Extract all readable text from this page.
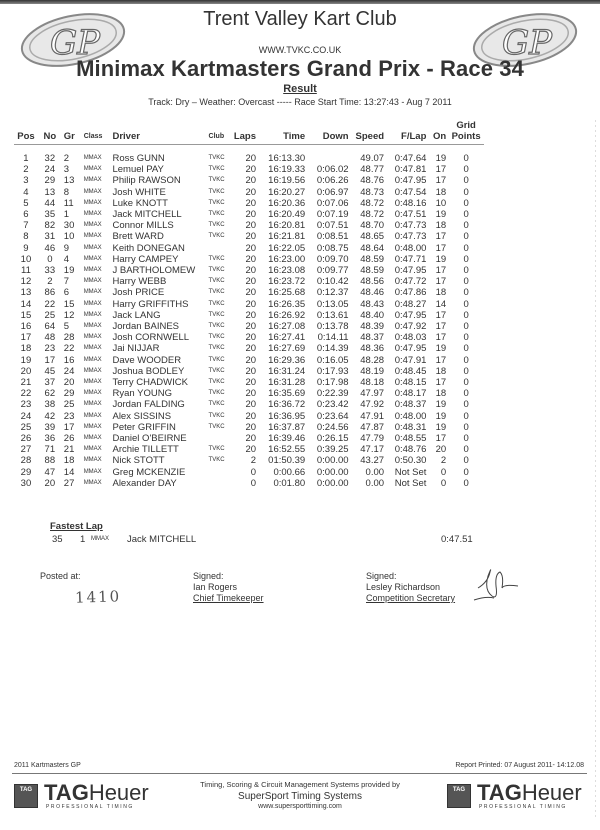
GP	GP
Trent Valley Kart Club
WWW.TVKC.CO.UK
Minimax Kartmasters Grand Prix - Race 34
Result
Track: Dry – Weather: Overcast ----- Race Start Time: 13:27:43 - Aug 7 2011
Pos	No	Gr	Class	Driver	Club	Laps	Time	Down	Speed	F/Lap	On	Grid
Points

1	32	2	MMAX	Ross GUNN	TVKC	20	16:13.30		49.07	0:47.64	19	0
2	24	3	MMAX	Lemuel PAY	TVKC	20	16:19.33	0:06.02	48.77	0:47.81	17	0
3	29	13	MMAX	Philip RAWSON	TVKC	20	16:19.56	0:06.26	48.76	0:47.95	17	0
4	13	8	MMAX	Josh WHITE	TVKC	20	16:20.27	0:06.97	48.73	0:47.54	18	0
5	44	11	MMAX	Luke KNOTT	TVKC	20	16:20.36	0:07.06	48.72	0:48.16	10	0
6	35	1	MMAX	Jack MITCHELL	TVKC	20	16:20.49	0:07.19	48.72	0:47.51	19	0
7	82	30	MMAX	Connor MILLS	TVKC	20	16:20.81	0:07.51	48.70	0:47.73	18	0
8	31	10	MMAX	Brett WARD	TVKC	20	16:21.81	0:08.51	48.65	0:47.73	17	0
9	46	9	MMAX	Keith DONEGAN		20	16:22.05	0:08.75	48.64	0:48.00	17	0
10	0	4	MMAX	Harry CAMPEY	TVKC	20	16:23.00	0:09.70	48.59	0:47.71	19	0
11	33	19	MMAX	J BARTHOLOMEW	TVKC	20	16:23.08	0:09.77	48.59	0:47.95	17	0
12	2	7	MMAX	Harry WEBB	TVKC	20	16:23.72	0:10.42	48.56	0:47.72	17	0
13	86	6	MMAX	Josh PRICE	TVKC	20	16:25.68	0:12.37	48.46	0:47.86	18	0
14	22	15	MMAX	Harry GRIFFITHS	TVKC	20	16:26.35	0:13.05	48.43	0:48.27	14	0
15	25	12	MMAX	Jack LANG	TVKC	20	16:26.92	0:13.61	48.40	0:47.95	17	0
16	64	5	MMAX	Jordan BAINES	TVKC	20	16:27.08	0:13.78	48.39	0:47.92	17	0
17	48	28	MMAX	Josh CORNWELL	TVKC	20	16:27.41	0:14.11	48.37	0:48.03	17	0
18	23	22	MMAX	Jai NIJJAR	TVKC	20	16:27.69	0:14.39	48.36	0:47.95	19	0
19	17	16	MMAX	Dave WOODER	TVKC	20	16:29.36	0:16.05	48.28	0:47.91	17	0
20	45	24	MMAX	Joshua BODLEY	TVKC	20	16:31.24	0:17.93	48.19	0:48.45	18	0
21	37	20	MMAX	Terry CHADWICK	TVKC	20	16:31.28	0:17.98	48.18	0:48.15	17	0
22	62	29	MMAX	Ryan YOUNG	TVKC	20	16:35.69	0:22.39	47.97	0:48.17	18	0
23	38	25	MMAX	Jordan FALDING	TVKC	20	16:36.72	0:23.42	47.92	0:48.37	19	0
24	42	23	MMAX	Alex SISSINS	TVKC	20	16:36.95	0:23.64	47.91	0:48.00	19	0
25	39	17	MMAX	Peter GRIFFIN	TVKC	20	16:37.87	0:24.56	47.87	0:48.31	19	0
26	36	26	MMAX	Daniel O'BEIRNE		20	16:39.46	0:26.15	47.79	0:48.55	17	0
27	71	21	MMAX	Archie TILLETT	TVKC	20	16:52.55	0:39.25	47.17	0:48.76	20	0
28	88	18	MMAX	Nick STOTT	TVKC	2	01:50.39	0:00.00	43.27	0:50.30	2	0
29	47	14	MMAX	Greg MCKENZIE		0	0:00.66	0:00.00	0.00	Not Set	0	0
30	20	27	MMAX	Alexander DAY		0	0:01.80	0:00.00	0.00	Not Set	0	0
Fastest Lap
35 1 MMAX Jack MITCHELL	0:47.51
Posted at:
1410
Signed:
Ian Rogers
Chief Timekeeper
Signed:
Lesley Richardson
Competition Secretary
2011 Kartmasters GP	Report Printed: 07 August 2011- 14:12.08
TAG TAGHeuer
PROFESSIONAL TIMING
Timing, Scoring & Circuit Management Systems provided by
SuperSport Timing Systems
www.supersporttiming.com
TAG TAGHeuer
PROFESSIONAL TIMING
